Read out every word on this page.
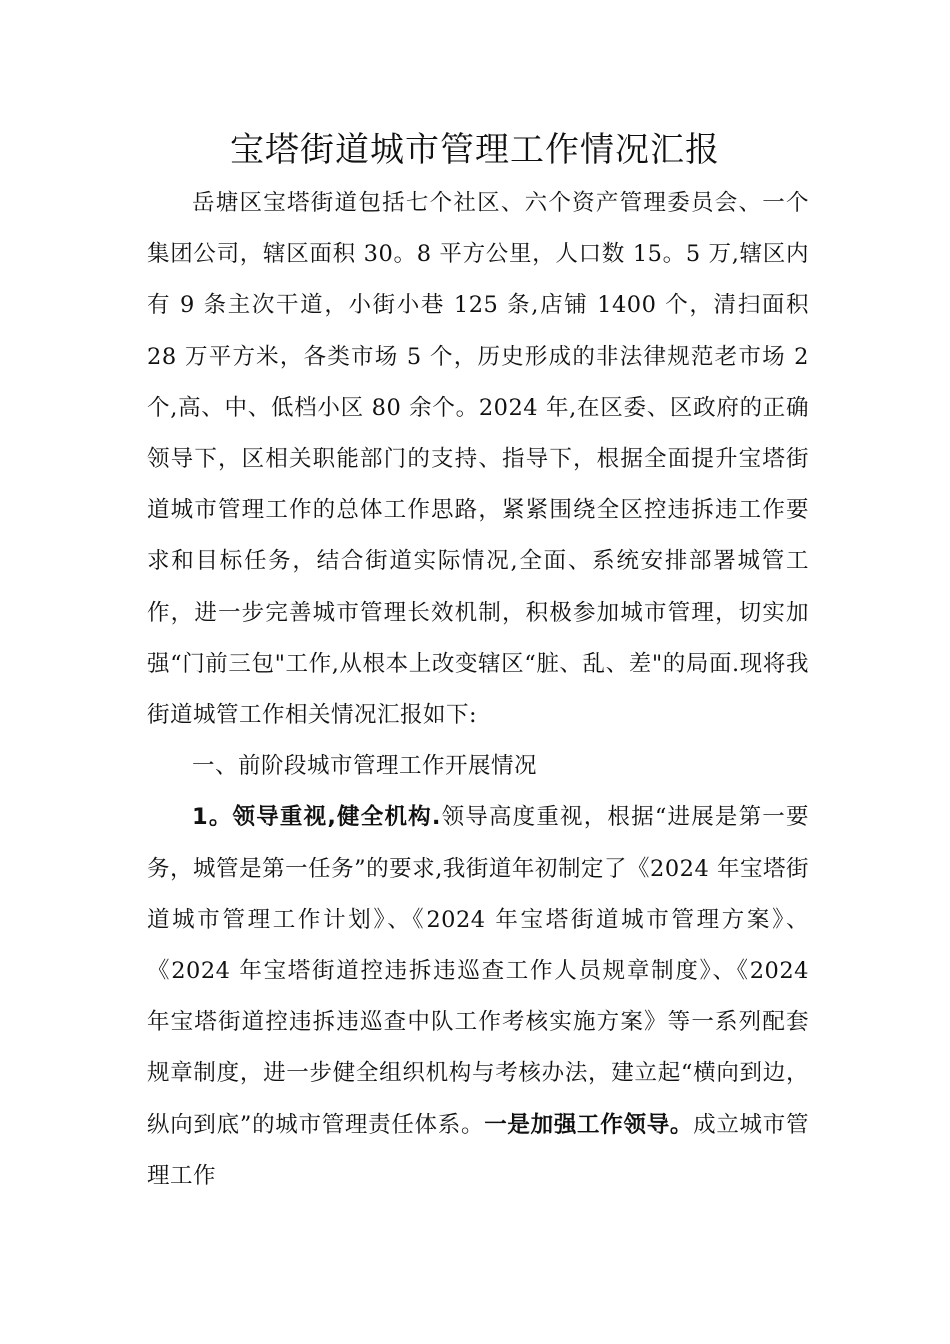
宝塔街道城市管理工作情况汇报

岳塘区宝塔街道包括七个社区、六个资产管理委员会、一个集团公司，辖区面积 30。8 平方公里，人口数 15。5 万,辖区内有 9 条主次干道，小街小巷 125 条,店铺 1400 个，清扫面积 28 万平方米，各类市场 5 个，历史形成的非法律规范老市场 2 个,高、中、低档小区 80 余个。2024 年,在区委、区政府的正确领导下，区相关职能部门的支持、指导下，根据全面提升宝塔街道城市管理工作的总体工作思路，紧紧围绕全区控违拆违工作要求和目标任务，结合街道实际情况,全面、系统安排部署城管工作，进一步完善城市管理长效机制，积极参加城市管理，切实加强“门前三包"工作,从根本上改变辖区“脏、乱、差"的局面.现将我街道城管工作相关情况汇报如下:

一、前阶段城市管理工作开展情况

1。领导重视,健全机构.领导高度重视，根据“进展是第一要务，城管是第一任务”的要求,我街道年初制定了《2024 年宝塔街道城市管理工作计划》、《2024 年宝塔街道城市管理方案》、《2024 年宝塔街道控违拆违巡查工作人员规章制度》、《2024 年宝塔街道控违拆违巡查中队工作考核实施方案》等一系列配套规章制度，进一步健全组织机构与考核办法，建立起“横向到边，纵向到底”的城市管理责任体系。一是加强工作领导。成立城市管理工作
